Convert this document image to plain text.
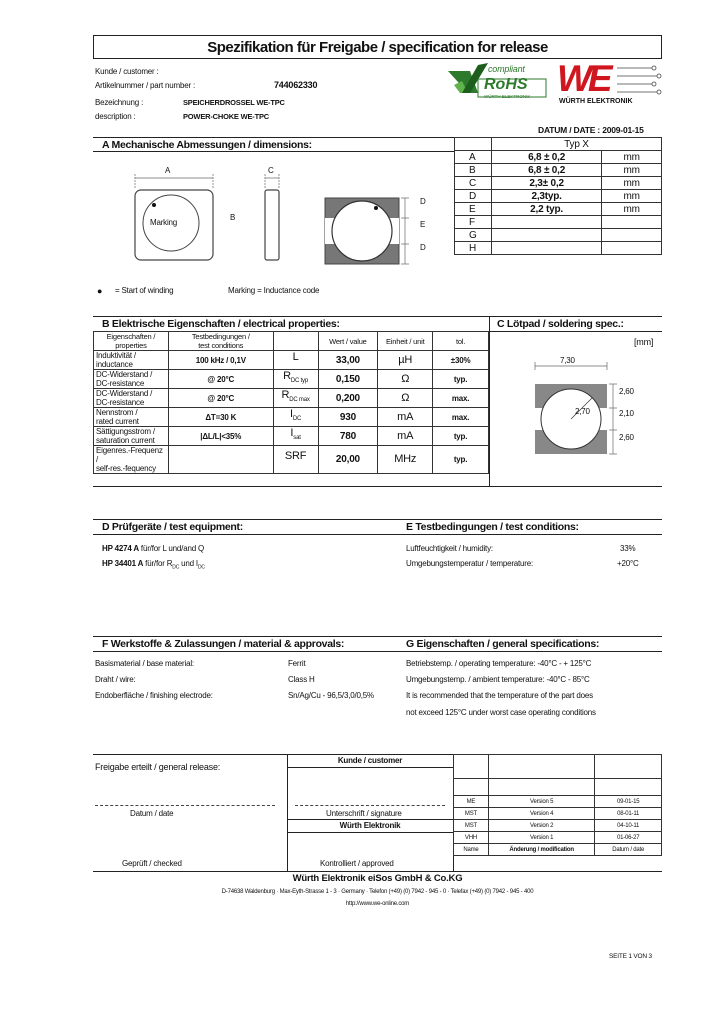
Spezifikation für Freigabe / specification for release
Kunde / customer :
Artikelnummer / part number :	744062330
Bezeichnung :	SPEICHERDROSSEL WE-TPC
description :	POWER-CHOKE WE-TPC
compliant
RoHS
WÜRTH ELEKTRONIK WE
WÜRTH ELEKTRONIK
DATUM / DATE : 2009-01-15
A Mechanische Abmessungen / dimensions:
A
B
C
Marking
D
E
D
	Typ X	
A	6,8 ± 0,2	mm
B	6,8 ± 0,2	mm
C	2,3± 0,2	mm
D	2,3typ.	mm
E	2,2 typ.	mm
F		
G		
H		
● = Start of winding	Marking = Inductance code
B Elektrische Eigenschaften / electrical properties:
Eigenschaften /
properties	Testbedingungen /
test conditions		Wert / value	Einheit / unit	tol.
Induktivität /
inductance	100 kHz / 0,1V	L	33,00	µH	±30%
DC-Widerstand /
DC-resistance	@ 20°C	$R_{DC typ}$	0,150	Ω	typ.
DC-Widerstand /
DC-resistance	@ 20°C	$R_{DC max}$	0,200	Ω	max.
Nennstrom /
rated current	ΔT=30 K	$I_{DC}$	930	mA	max.
Sättigungsstrom /
saturation current	|ΔL/L|<35%	$I_{sat}$	780	mA	typ.
Eigenres.-Frequenz /
self-res.-fequency		SRF	20,00	MHz	typ.
C Lötpad / soldering spec.:
[mm]
7,30
2,70
2,60
2,10
2,60
D Prüfgeräte / test equipment:	E Testbedingungen / test conditions:
HP 4274 A für/for L und/and Q
HP 34401 A für/for $R_{DC}$ und $I_{DC}$
Luftfeuchtigkeit / humidity:	33%
Umgebungstemperatur / temperature:	+20°C
F Werkstoffe & Zulassungen / material & approvals:	G Eigenschaften / general specifications:
Basismaterial / base material:	Ferrit
Draht / wire:	Class H
Endoberfläche / finishing electrode:	Sn/Ag/Cu - 96,5/3,0/0,5%
Betriebstemp. / operating temperature: -40°C - + 125°C
Umgebungstemp. / ambient temperature: -40°C - 85°C
It is recommended that the temperature of the part does
not exceed 125°C under worst case operating conditions
Freigabe erteilt / general release:
Kunde / customer
Datum / date	Unterschrift / signature
Würth Elektronik
Geprüft / checked	Kontrolliert / approved

ME	Version 5	09-01-15
MST	Version 4	08-01-11
MST	Version 2	04-10-11
VHH	Version 1	01-06-27
Name	Änderung / modification	Datum / date
Würth Elektronik eiSos GmbH & Co.KG
D-74638 Waldenburg · Max-Eyth-Strasse 1 - 3 · Germany · Telefon (+49) (0) 7942 - 945 - 0 · Telefax (+49) (0) 7942 - 945 - 400
http://www.we-online.com
SEITE 1 VON 3
